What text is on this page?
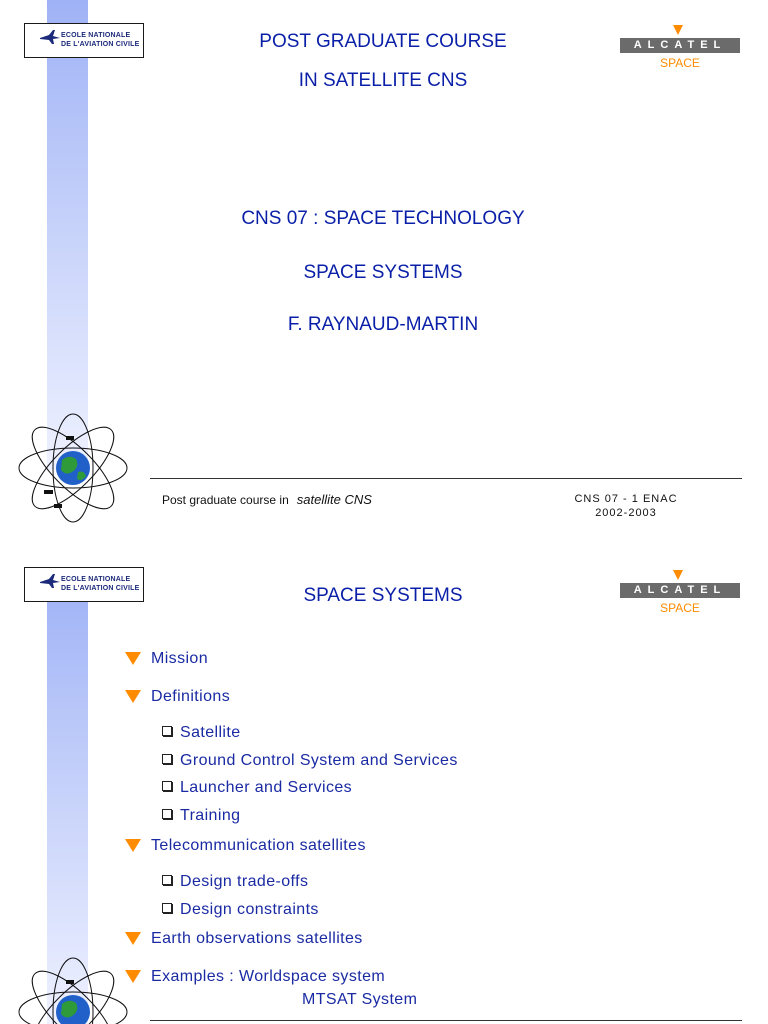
ECOLE NATIONALE
DE L'AVIATION CIVILE	ALCATEL
SPACE
POST GRADUATE COURSE
IN SATELLITE CNS
CNS 07 : SPACE TECHNOLOGY
SPACE SYSTEMS
F. RAYNAUD-MARTIN
Post graduate course in satellite CNS	CNS 07 - 1 ENAC
2002-2003
ECOLE NATIONALE
DE L'AVIATION CIVILE	ALCATEL
SPACE
SPACE SYSTEMS
Mission
Definitions
Satellite
Ground Control System and Services
Launcher and Services
Training
Telecommunication satellites
Design trade-offs
Design constraints
Earth observations satellites
Examples : Worldspace system
MTSAT System
